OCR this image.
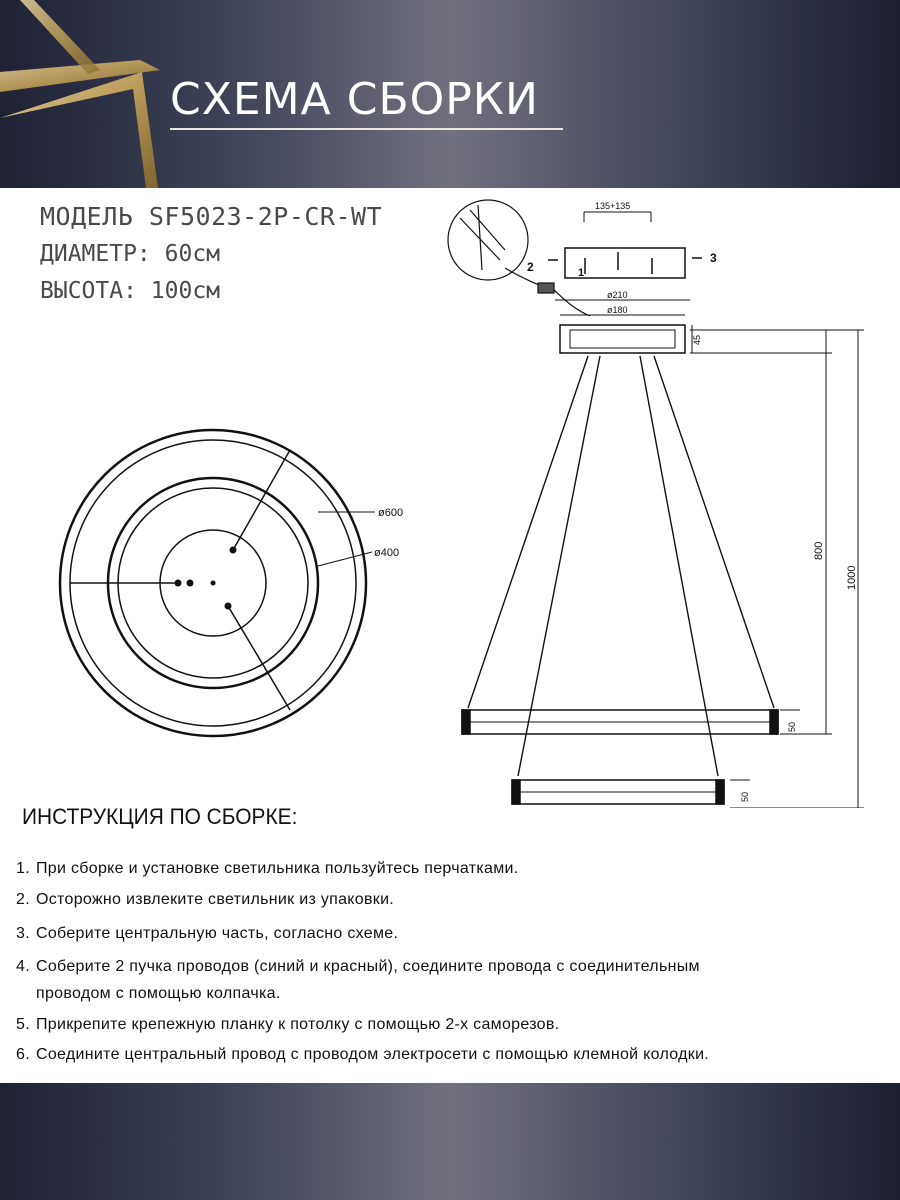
СХЕМА СБОРКИ
МОДЕЛЬ SF5023-2P-CR-WT
ДИАМЕТР: 60см
ВЫСОТА: 100см
ø600
ø400
135+135
ø210
ø180
45
1
2
3
800
1000
50
50
ИНСТРУКЦИЯ ПО СБОРКЕ:
1. При сборке и установке светильника пользуйтесь перчатками.
2. Осторожно извлеките светильник из упаковки.
3. Соберите центральную часть, согласно схеме.
4. Соберите 2 пучка проводов (синий и красный), соедините провода с соединительным
проводом с помощью колпачка.
5. Прикрепите крепежную планку к потолку с помощью 2-х саморезов.
6. Соедините центральный провод с проводом электросети с помощью клемной колодки.
